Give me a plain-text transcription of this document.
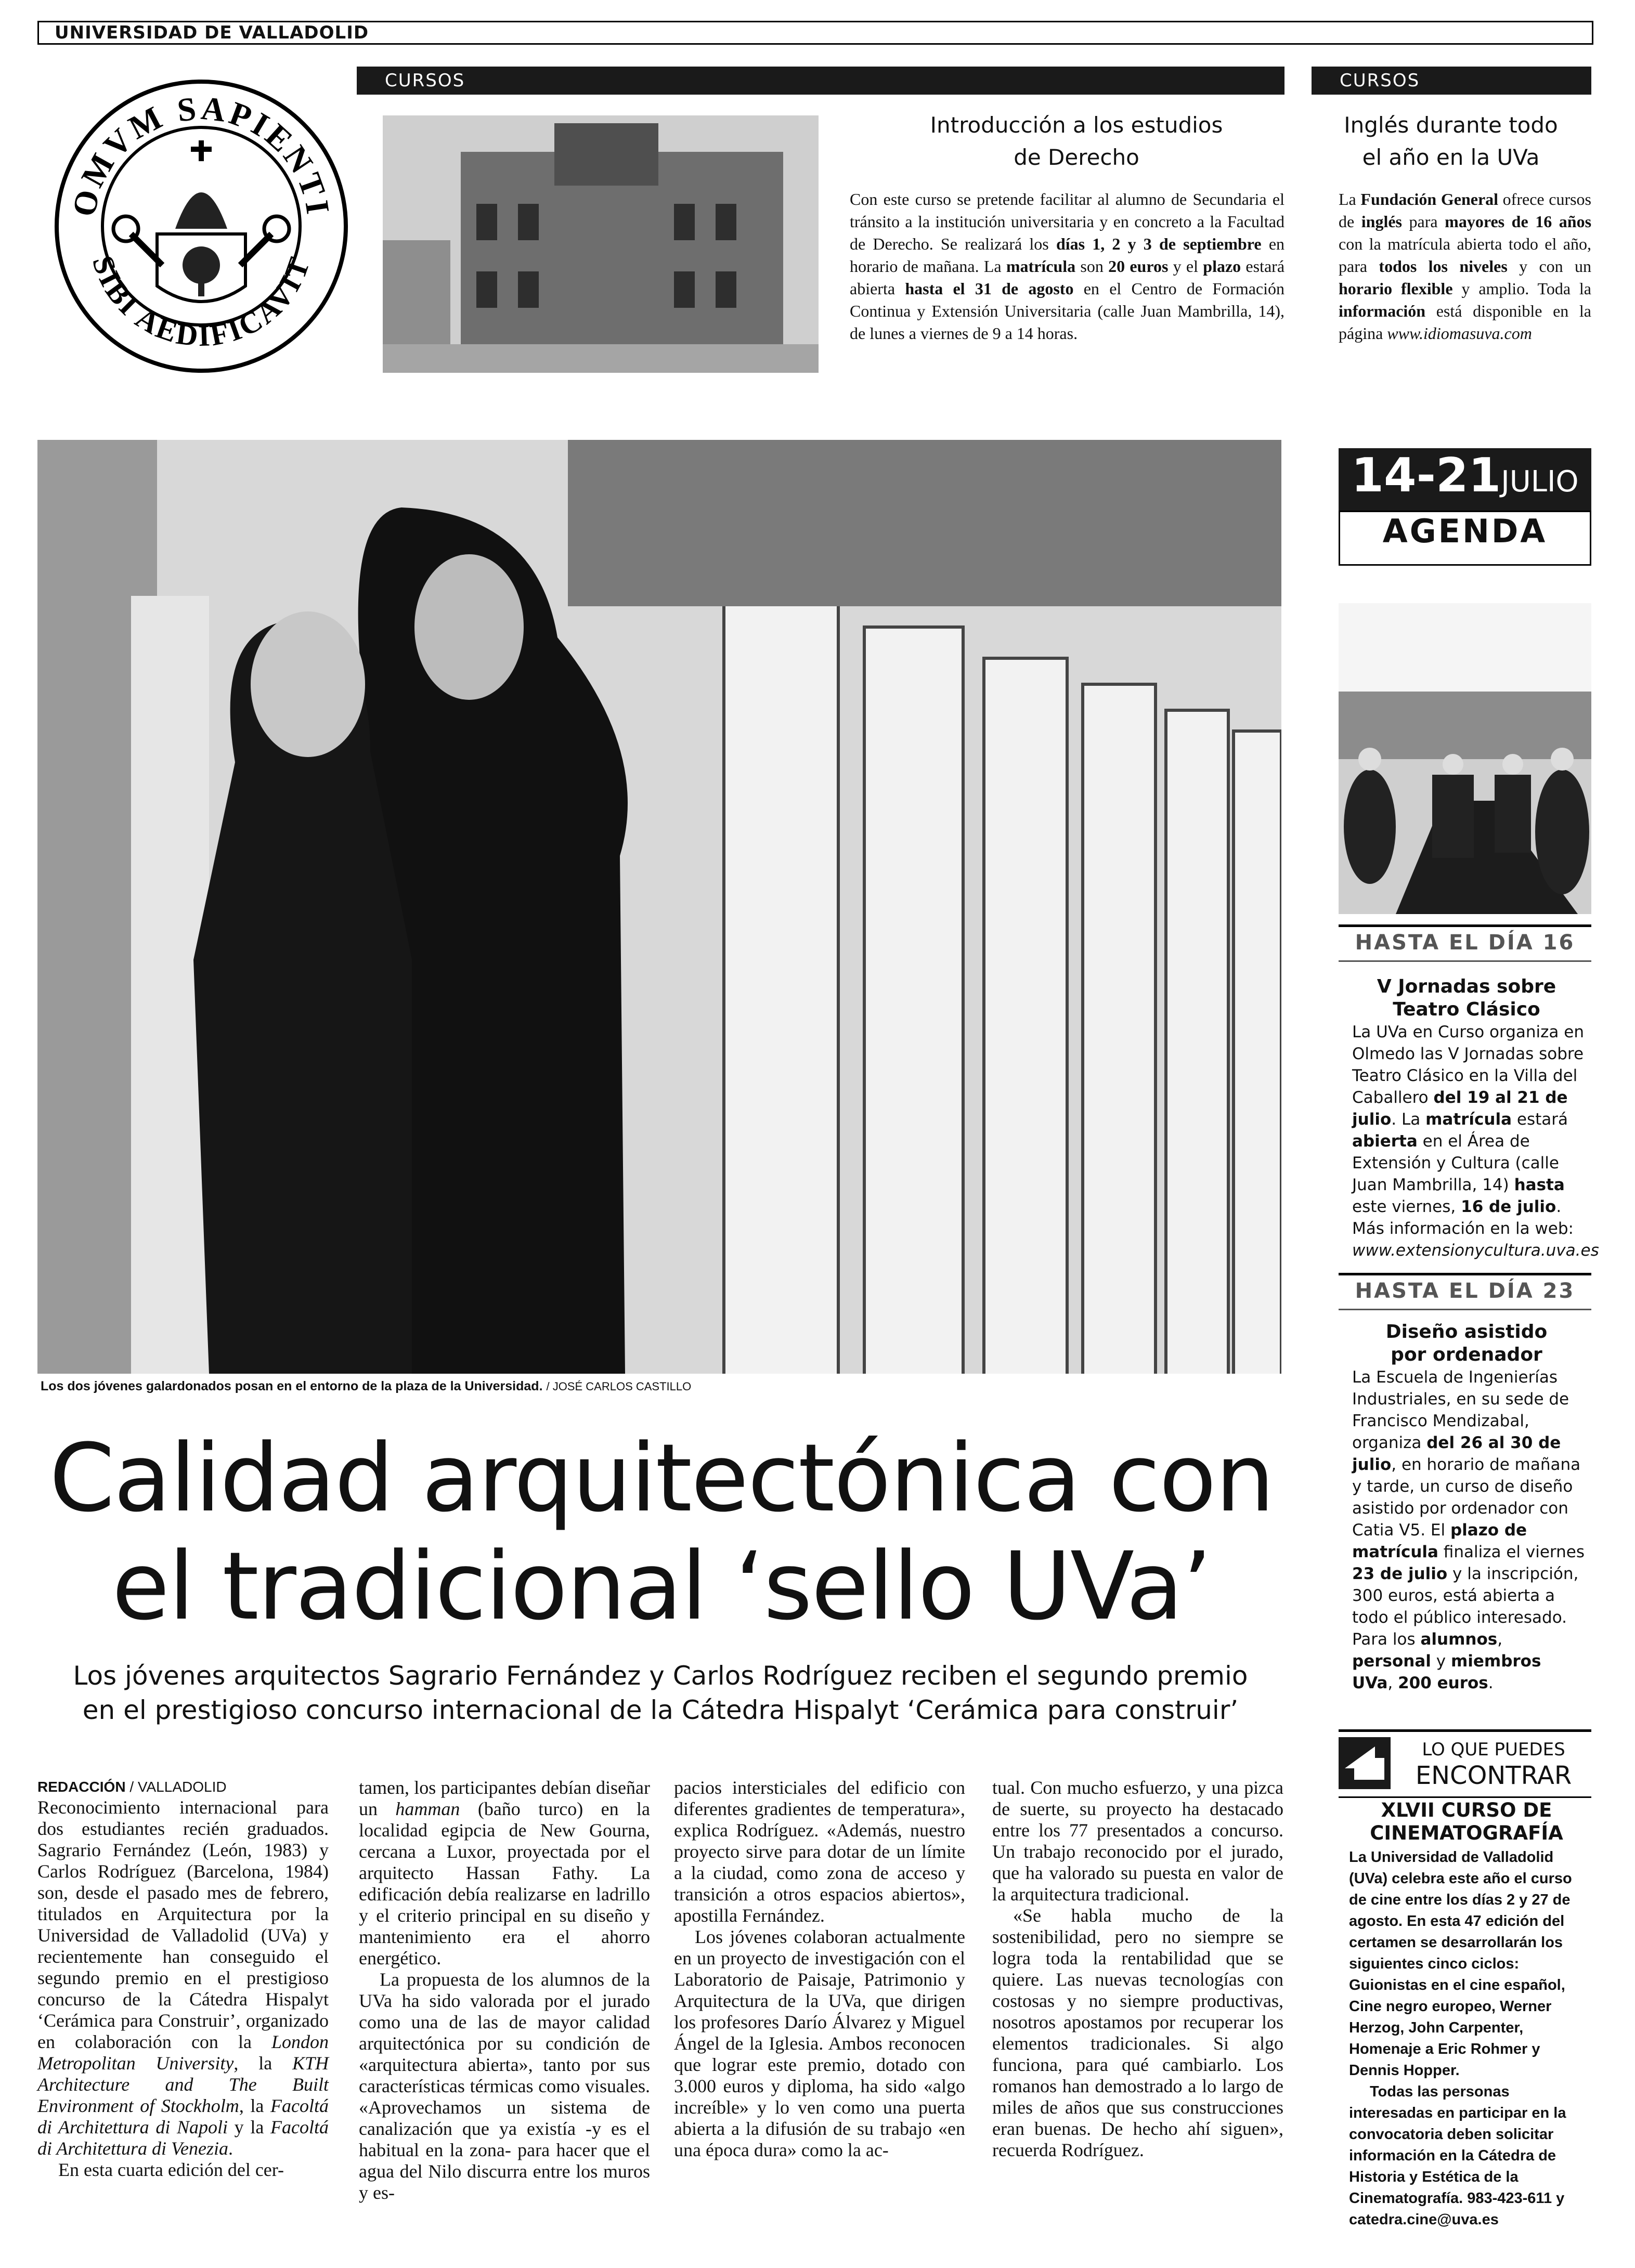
UNIVERSIDAD DE VALLADOLID
OMVM SAPIENTI
SIBI AEDIFICAVIT
CURSOS
Introducción a los estudios de Derecho
Con este curso se pretende facilitar al alumno de Secundaria el tránsito a la institución universitaria y en concreto a la Facultad de Derecho. Se realizará los días 1, 2 y 3 de septiembre en horario de mañana. La matrícula son 20 euros y el plazo estará abierta hasta el 31 de agosto en el Centro de Formación Continua y Extensión Universitaria (calle Juan Mambrilla, 14), de lunes a viernes de 9 a 14 horas.
CURSOS
Inglés durante todo el año en la UVa
La Fundación General ofrece cursos de inglés para mayores de 16 años con la matrícula abierta todo el año, para todos los niveles y con un horario flexible y amplio. Toda la información está disponible en la página www.idiomasuva.com
Los dos jóvenes galardonados posan en el entorno de la plaza de la Universidad. / JOSÉ CARLOS CASTILLO
Calidad arquitectónica con
el tradicional ‘sello UVa’
Los jóvenes arquitectos Sagrario Fernández y Carlos Rodríguez reciben el segundo premio
en el prestigioso concurso internacional de la Cátedra Hispalyt ‘Cerámica para construir’
REDACCIÓN / VALLADOLID

Reconocimiento internacional para dos estudiantes recién graduados. Sagrario Fernández (León, 1983) y Carlos Rodríguez (Barcelona, 1984) son, desde el pasado mes de febrero, titulados en Arquitectura por la Universidad de Valladolid (UVa) y recientemente han conseguido el segundo premio en el prestigioso concurso de la Cátedra Hispalyt ‘Cerámica para Construir’, organizado en colaboración con la London Metropolitan University, la KTH Architecture and The Built Environment of Stockholm, la Facoltá di Architettura di Napoli y la Facoltá di Architettura di Venezia.

En esta cuarta edición del cer-

tamen, los participantes debían diseñar un hamman (baño turco) en la localidad egipcia de New Gourna, cercana a Luxor, proyectada por el arquitecto Hassan Fathy. La edificación debía realizarse en ladrillo y el criterio principal en su diseño y mantenimiento era el ahorro energético.

La propuesta de los alumnos de la UVa ha sido valorada por el jurado como una de las de mayor calidad arquitectónica por su condición de «arquitectura abierta», tanto por sus características térmicas como visuales. «Aprovechamos un sistema de canalización que ya existía -y es el habitual en la zona- para hacer que el agua del Nilo discurra entre los muros y es-

pacios intersticiales del edificio con diferentes gradientes de temperatura», explica Rodríguez. «Además, nuestro proyecto sirve para dotar de un límite a la ciudad, como zona de acceso y transición a otros espacios abiertos», apostilla Fernández.

Los jóvenes colaboran actualmente en un proyecto de investigación con el Laboratorio de Paisaje, Patrimonio y Arquitectura de la UVa, que dirigen los profesores Darío Álvarez y Miguel Ángel de la Iglesia. Ambos reconocen que lograr este premio, dotado con 3.000 euros y diploma, ha sido «algo increíble» y lo ven como una puerta abierta a la difusión de su trabajo «en una época dura» como la ac-

tual. Con mucho esfuerzo, y una pizca de suerte, su proyecto ha destacado entre los 77 presentados a concurso. Un trabajo reconocido por el jurado, que ha valorado su puesta en valor de la arquitectura tradicional.

«Se habla mucho de la sostenibilidad, pero no siempre se logra toda la rentabilidad que se quiere. Las nuevas tecnologías con costosas y no siempre productivas, nosotros apostamos por recuperar los elementos tradicionales. Si algo funciona, para qué cambiarlo. Los romanos han demostrado a lo largo de miles de años que sus construcciones eran buenas. De hecho ahí siguen», recuerda Rodríguez.

14-21JULIO
AGENDA
HASTA EL DÍA 16
V Jornadas sobre Teatro Clásico
La UVa en Curso organiza en Olmedo las V Jornadas sobre Teatro Clásico en la Villa del Caballero del 19 al 21 de julio. La matrícula estará abierta en el Área de Extensión y Cultura (calle Juan Mambrilla, 14) hasta este viernes, 16 de julio. Más información en la web: www.extensionycultura.uva.es
HASTA EL DÍA 23
Diseño asistido por ordenador
La Escuela de Ingenierías Industriales, en su sede de Francisco Mendizabal, organiza del 26 al 30 de julio, en horario de mañana y tarde, un curso de diseño asistido por ordenador con Catia V5. El plazo de matrícula finaliza el viernes 23 de julio y la inscripción, 300 euros, está abierta a todo el público interesado. Para los alumnos, personal y miembros UVa, 200 euros.
LO QUE PUEDES
ENCONTRAR
XLVII CURSO DE
CINEMATOGRAFÍA

La Universidad de Valladolid (UVa) celebra este año el curso de cine entre los días 2 y 27 de agosto. En esta 47 edición del certamen se desarrollarán los siguientes cinco ciclos: Guionistas en el cine español, Cine negro europeo, Werner Herzog, John Carpenter, Homenaje a Eric Rohmer y Dennis Hopper.

Todas las personas interesadas en participar en la convocatoria deben solicitar información en la Cátedra de Historia y Estética de la Cinematografía. 983-423-611 y catedra.cine@uva.es
